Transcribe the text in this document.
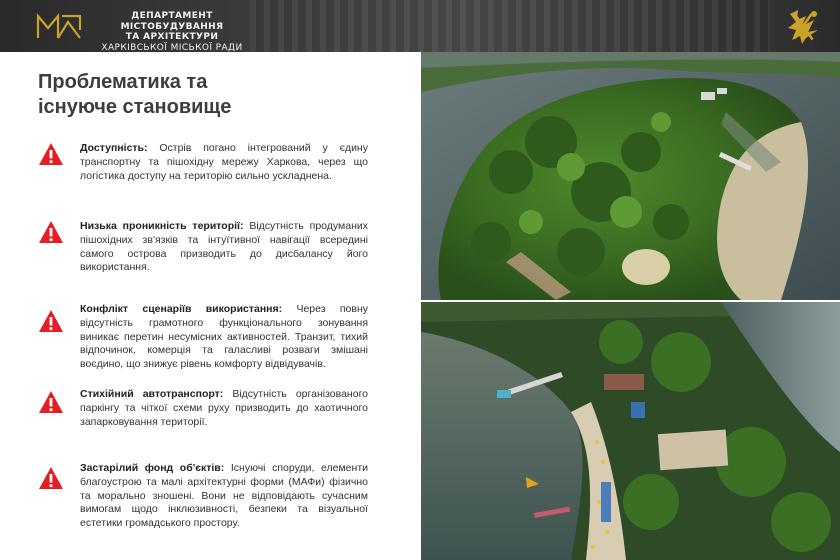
ДЕПАРТАМЕНТ МІСТОБУДУВАННЯ
ТА АРХІТЕКТУРИ
ХАРКІВСЬКОЇ МІСЬКОЇ РАДИ
Проблематика та
існуюче становище

Доступність: Острів погано інтегрований у єдину транспортну та пішохідну мережу Харкова, через що логістика доступу на територію сильно ускладнена.

Низька проникність території: Відсутність продуманих пішохідних зв'язків та інтуїтивної навігації всередині самого острова призводить до дисбалансу його використання.

Конфлікт сценаріїв використання: Через повну відсутність грамотного функціонального зонування виникає перетин несумісних активностей. Транзит, тихий відпочинок, комерція та галасливі розваги змішані воєдино, що знижує рівень комфорту відвідувачів.

Стихійний автотранспорт: Відсутність організованого паркінгу та чіткої схеми руху призводить до хаотичного запарковування території.

Застарілий фонд об'єктів: Існуючі споруди, елементи благоустрою та малі архітектурні форми (МАФи) фізично та морально зношені. Вони не відповідають сучасним вимогам щодо інклюзивності, безпеки та візуальної естетики громадського простору.
